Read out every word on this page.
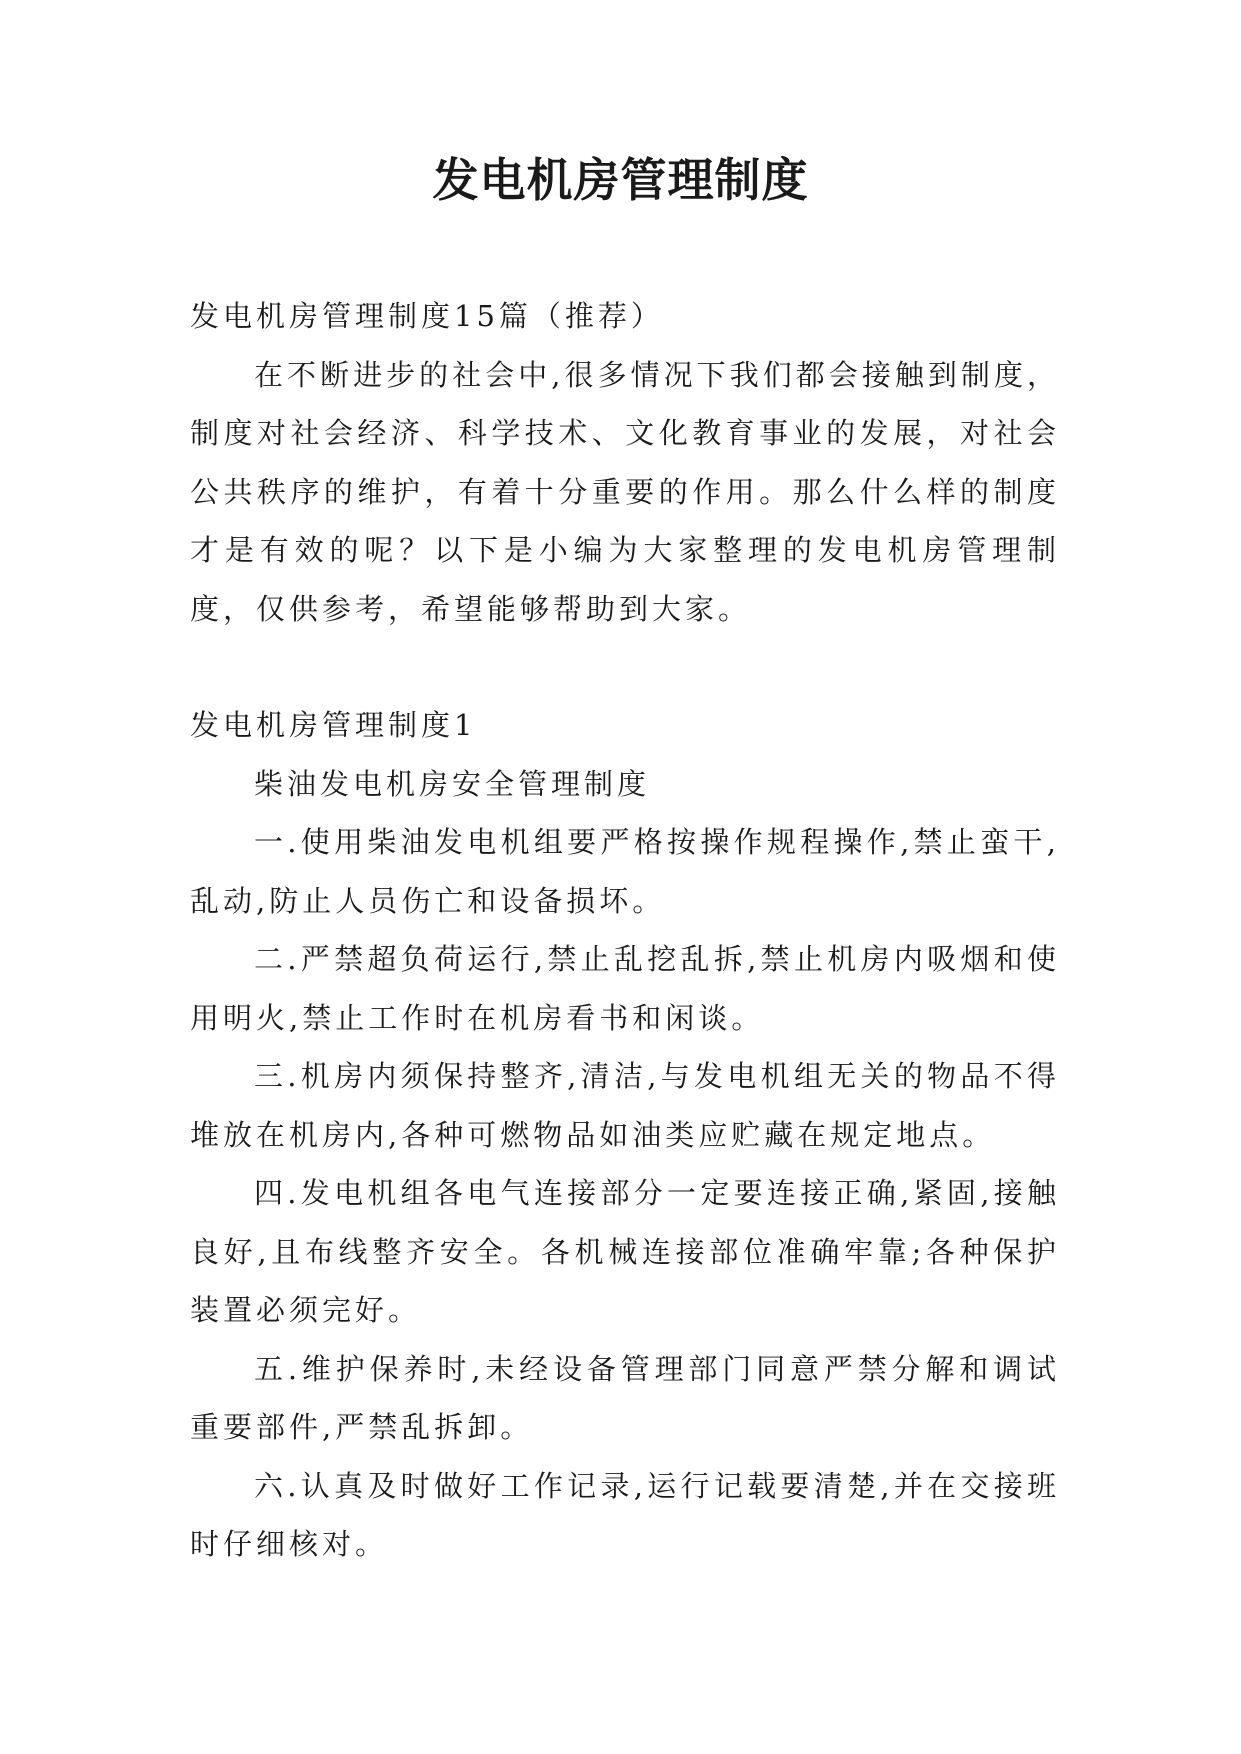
发电机房管理制度

发电机房管理制度15篇（推荐）

在不断进步的社会中,很多情况下我们都会接触到制度，制度对社会经济、科学技术、文化教育事业的发展，对社会公共秩序的维护，有着十分重要的作用。那么什么样的制度才是有效的呢？以下是小编为大家整理的发电机房管理制度，仅供参考，希望能够帮助到大家。

发电机房管理制度1

柴油发电机房安全管理制度

一.使用柴油发电机组要严格按操作规程操作,禁止蛮干,乱动,防止人员伤亡和设备损坏。

二.严禁超负荷运行,禁止乱挖乱拆,禁止机房内吸烟和使用明火,禁止工作时在机房看书和闲谈。

三.机房内须保持整齐,清洁,与发电机组无关的物品不得堆放在机房内,各种可燃物品如油类应贮藏在规定地点。

四.发电机组各电气连接部分一定要连接正确,紧固,接触良好,且布线整齐安全。各机械连接部位准确牢靠;各种保护装置必须完好。

五.维护保养时,未经设备管理部门同意严禁分解和调试重要部件,严禁乱拆卸。

六.认真及时做好工作记录,运行记载要清楚,并在交接班时仔细核对。
